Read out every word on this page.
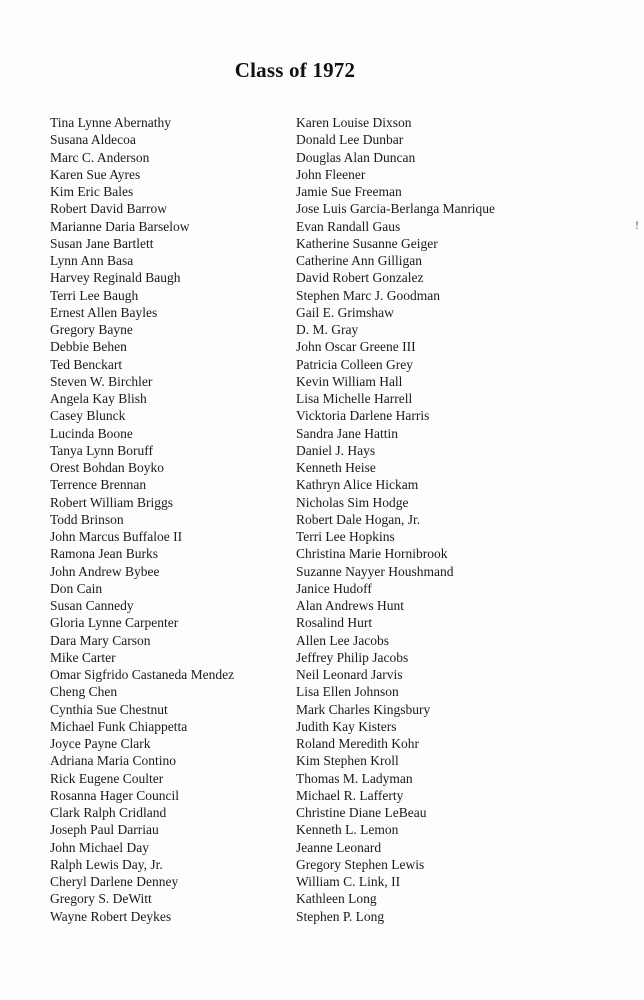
Class of 1972
Tina Lynne Abernathy
Susana Aldecoa
Marc C. Anderson
Karen Sue Ayres
Kim Eric Bales
Robert David Barrow
Marianne Daria Barselow
Susan Jane Bartlett
Lynn Ann Basa
Harvey Reginald Baugh
Terri Lee Baugh
Ernest Allen Bayles
Gregory Bayne
Debbie Behen
Ted Benckart
Steven W. Birchler
Angela Kay Blish
Casey Blunck
Lucinda Boone
Tanya Lynn Boruff
Orest Bohdan Boyko
Terrence Brennan
Robert William Briggs
Todd Brinson
John Marcus Buffaloe II
Ramona Jean Burks
John Andrew Bybee
Don Cain
Susan Cannedy
Gloria Lynne Carpenter
Dara Mary Carson
Mike Carter
Omar Sigfrido Castaneda Mendez
Cheng Chen
Cynthia Sue Chestnut
Michael Funk Chiappetta
Joyce Payne Clark
Adriana Maria Contino
Rick Eugene Coulter
Rosanna Hager Council
Clark Ralph Cridland
Joseph Paul Darriau
John Michael Day
Ralph Lewis Day, Jr.
Cheryl Darlene Denney
Gregory S. DeWitt
Wayne Robert Deykes
Karen Louise Dixson
Donald Lee Dunbar
Douglas Alan Duncan
John Fleener
Jamie Sue Freeman
Jose Luis Garcia-Berlanga Manrique
Evan Randall Gaus
Katherine Susanne Geiger
Catherine Ann Gilligan
David Robert Gonzalez
Stephen Marc J. Goodman
Gail E. Grimshaw
D. M. Gray
John Oscar Greene III
Patricia Colleen Grey
Kevin William Hall
Lisa Michelle Harrell
Vicktoria Darlene Harris
Sandra Jane Hattin
Daniel J. Hays
Kenneth Heise
Kathryn Alice Hickam
Nicholas Sim Hodge
Robert Dale Hogan, Jr.
Terri Lee Hopkins
Christina Marie Hornibrook
Suzanne Nayyer Houshmand
Janice Hudoff
Alan Andrews Hunt
Rosalind Hurt
Allen Lee Jacobs
Jeffrey Philip Jacobs
Neil Leonard Jarvis
Lisa Ellen Johnson
Mark Charles Kingsbury
Judith Kay Kisters
Roland Meredith Kohr
Kim Stephen Kroll
Thomas M. Ladyman
Michael R. Lafferty
Christine Diane LeBeau
Kenneth L. Lemon
Jeanne Leonard
Gregory Stephen Lewis
William C. Link, II
Kathleen Long
Stephen P. Long
!
